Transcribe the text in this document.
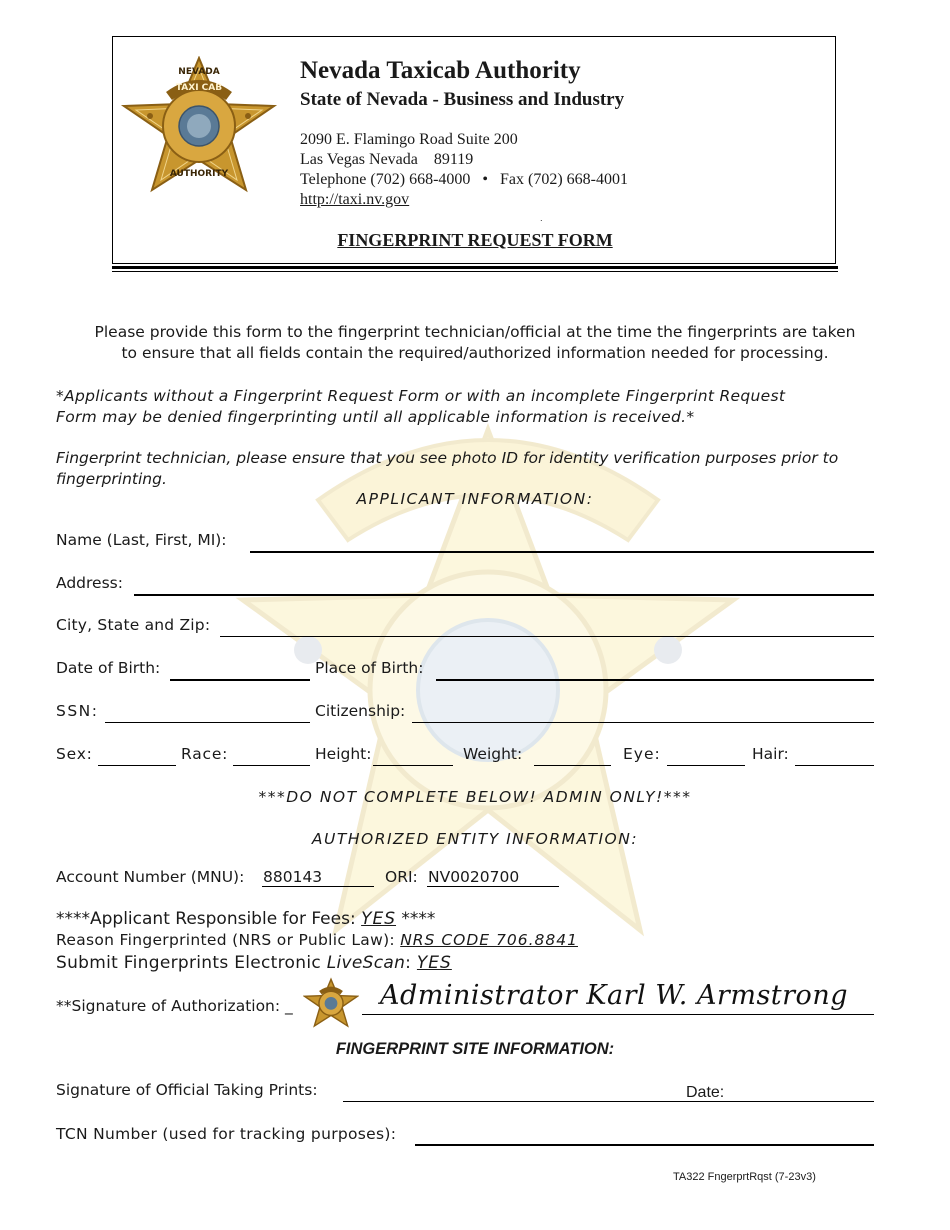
NEVADA
TAXI CAB
AUTHORITY
Nevada Taxicab Authority
State of Nevada - Business and Industry
2090 E. Flamingo Road Suite 200
Las Vegas Nevada    89119
Telephone (702) 668-4000   •   Fax (702) 668-4001
http://taxi.nv.gov
FINGERPRINT REQUEST FORM
Please provide this form to the fingerprint technician/official at the time the fingerprints are taken
to ensure that all fields contain the required/authorized information needed for processing.
*Applicants without a Fingerprint Request Form or with an incomplete Fingerprint Request
Form may be denied fingerprinting until all applicable information is received.*
Fingerprint technician, please ensure that you see photo ID for identity verification purposes prior to
fingerprinting.
APPLICANT INFORMATION:
Name (Last, First, MI):
Address:
City, State and Zip:
Date of Birth:	Place of Birth:
SSN:	Citizenship:
Sex:	Race:	Height:	Weight:	Eye:	Hair:
***DO NOT COMPLETE BELOW! ADMIN ONLY!***
AUTHORIZED ENTITY INFORMATION:
Account Number (MNU): 880143	ORI: NV0020700
****Applicant Responsible for Fees: YES ****
Reason Fingerprinted (NRS or Public Law): NRS CODE 706.8841
Submit Fingerprints Electronic LiveScan: YES
**Signature of Authorization: _	Administrator Karl W. Armstrong
FINGERPRINT SITE INFORMATION:
Signature of Official Taking Prints:	Date:
TCN Number (used for tracking purposes):
TA322 FngerprtRqst (7-23v3)
.
